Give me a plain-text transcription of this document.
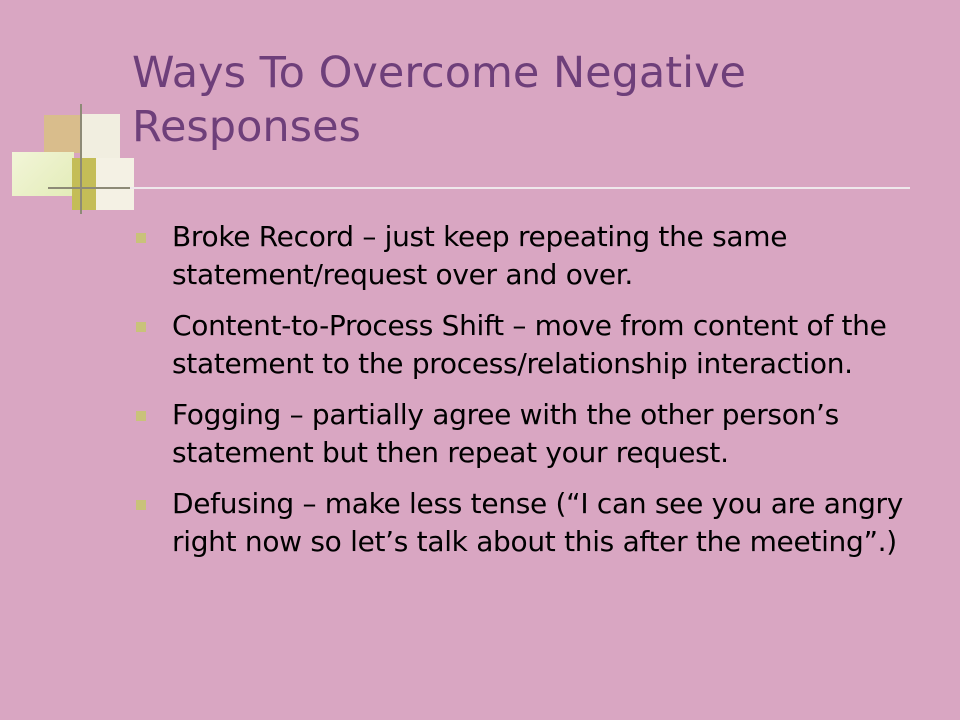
Ways To Overcome Negative Responses
Broke Record – just keep repeating the same statement/request over and over.
Content-to-Process Shift – move from content of the statement to the process/relationship interaction.
Fogging – partially agree with the other person’s statement but then repeat your request.
Defusing – make less tense (“I can see you are angry right now so let’s talk about this after the meeting”.)
